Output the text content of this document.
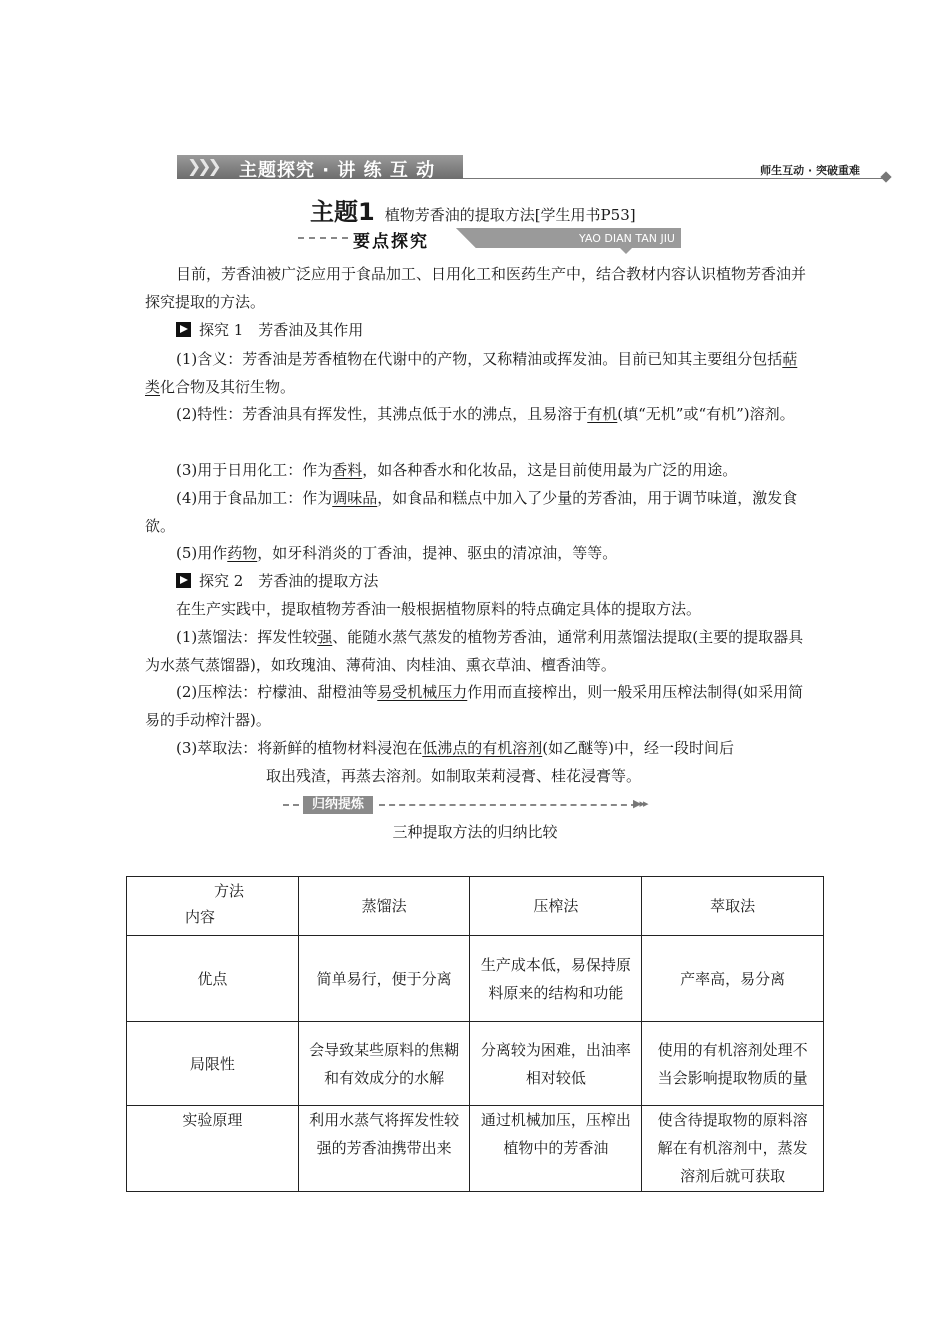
❯❯❯ 主题探究 · 讲 练 互 动	师生互动 · 突破重难
主题1 植物芳香油的提取方法[学生用书P53]
要点探究	YAO DIAN TAN JIU
目前，芳香油被广泛应用于食品加工、日用化工和医药生产中，结合教材内容认识植物芳香油并探究提取的方法。
探究 1　芳香油及其作用
(1)含义：芳香油是芳香植物在代谢中的产物，又称精油或挥发油。目前已知其主要组分包括萜类化合物及其衍生物。
(2)特性：芳香油具有挥发性，其沸点低于水的沸点，且易溶于有机(填“无机”或“有机”)溶剂。
(3)用于日用化工：作为香料，如各种香水和化妆品，这是目前使用最为广泛的用途。
(4)用于食品加工：作为调味品，如食品和糕点中加入了少量的芳香油，用于调节味道，激发食欲。
(5)用作药物，如牙科消炎的丁香油，提神、驱虫的清凉油，等等。
探究 2　芳香油的提取方法
在生产实践中，提取植物芳香油一般根据植物原料的特点确定具体的提取方法。
(1)蒸馏法：挥发性较强、能随水蒸气蒸发的植物芳香油，通常利用蒸馏法提取(主要的提取器具为水蒸气蒸馏器)，如玫瑰油、薄荷油、肉桂油、熏衣草油、檀香油等。
(2)压榨法：柠檬油、甜橙油等易受机械压力作用而直接榨出，则一般采用压榨法制得(如采用简易的手动榨汁器)。
(3)萃取法：将新鲜的植物材料浸泡在低沸点的有机溶剂(如乙醚等)中，经一段时间后
取出残渣，再蒸去溶剂。如制取茉莉浸膏、桂花浸膏等。
归纳提炼	▶▸▸
三种提取方法的归纳比较
方法
内容	蒸馏法	压榨法	萃取法
优点	简单易行，便于分离	生产成本低，易保持原料原来的结构和功能	产率高，易分离
局限性	会导致某些原料的焦糊和有效成分的水解	分离较为困难，出油率相对较低	使用的有机溶剂处理不当会影响提取物质的量
实验原理	利用水蒸气将挥发性较强的芳香油携带出来	通过机械加压，压榨出植物中的芳香油	使含待提取物的原料溶解在有机溶剂中，蒸发溶剂后就可获取
